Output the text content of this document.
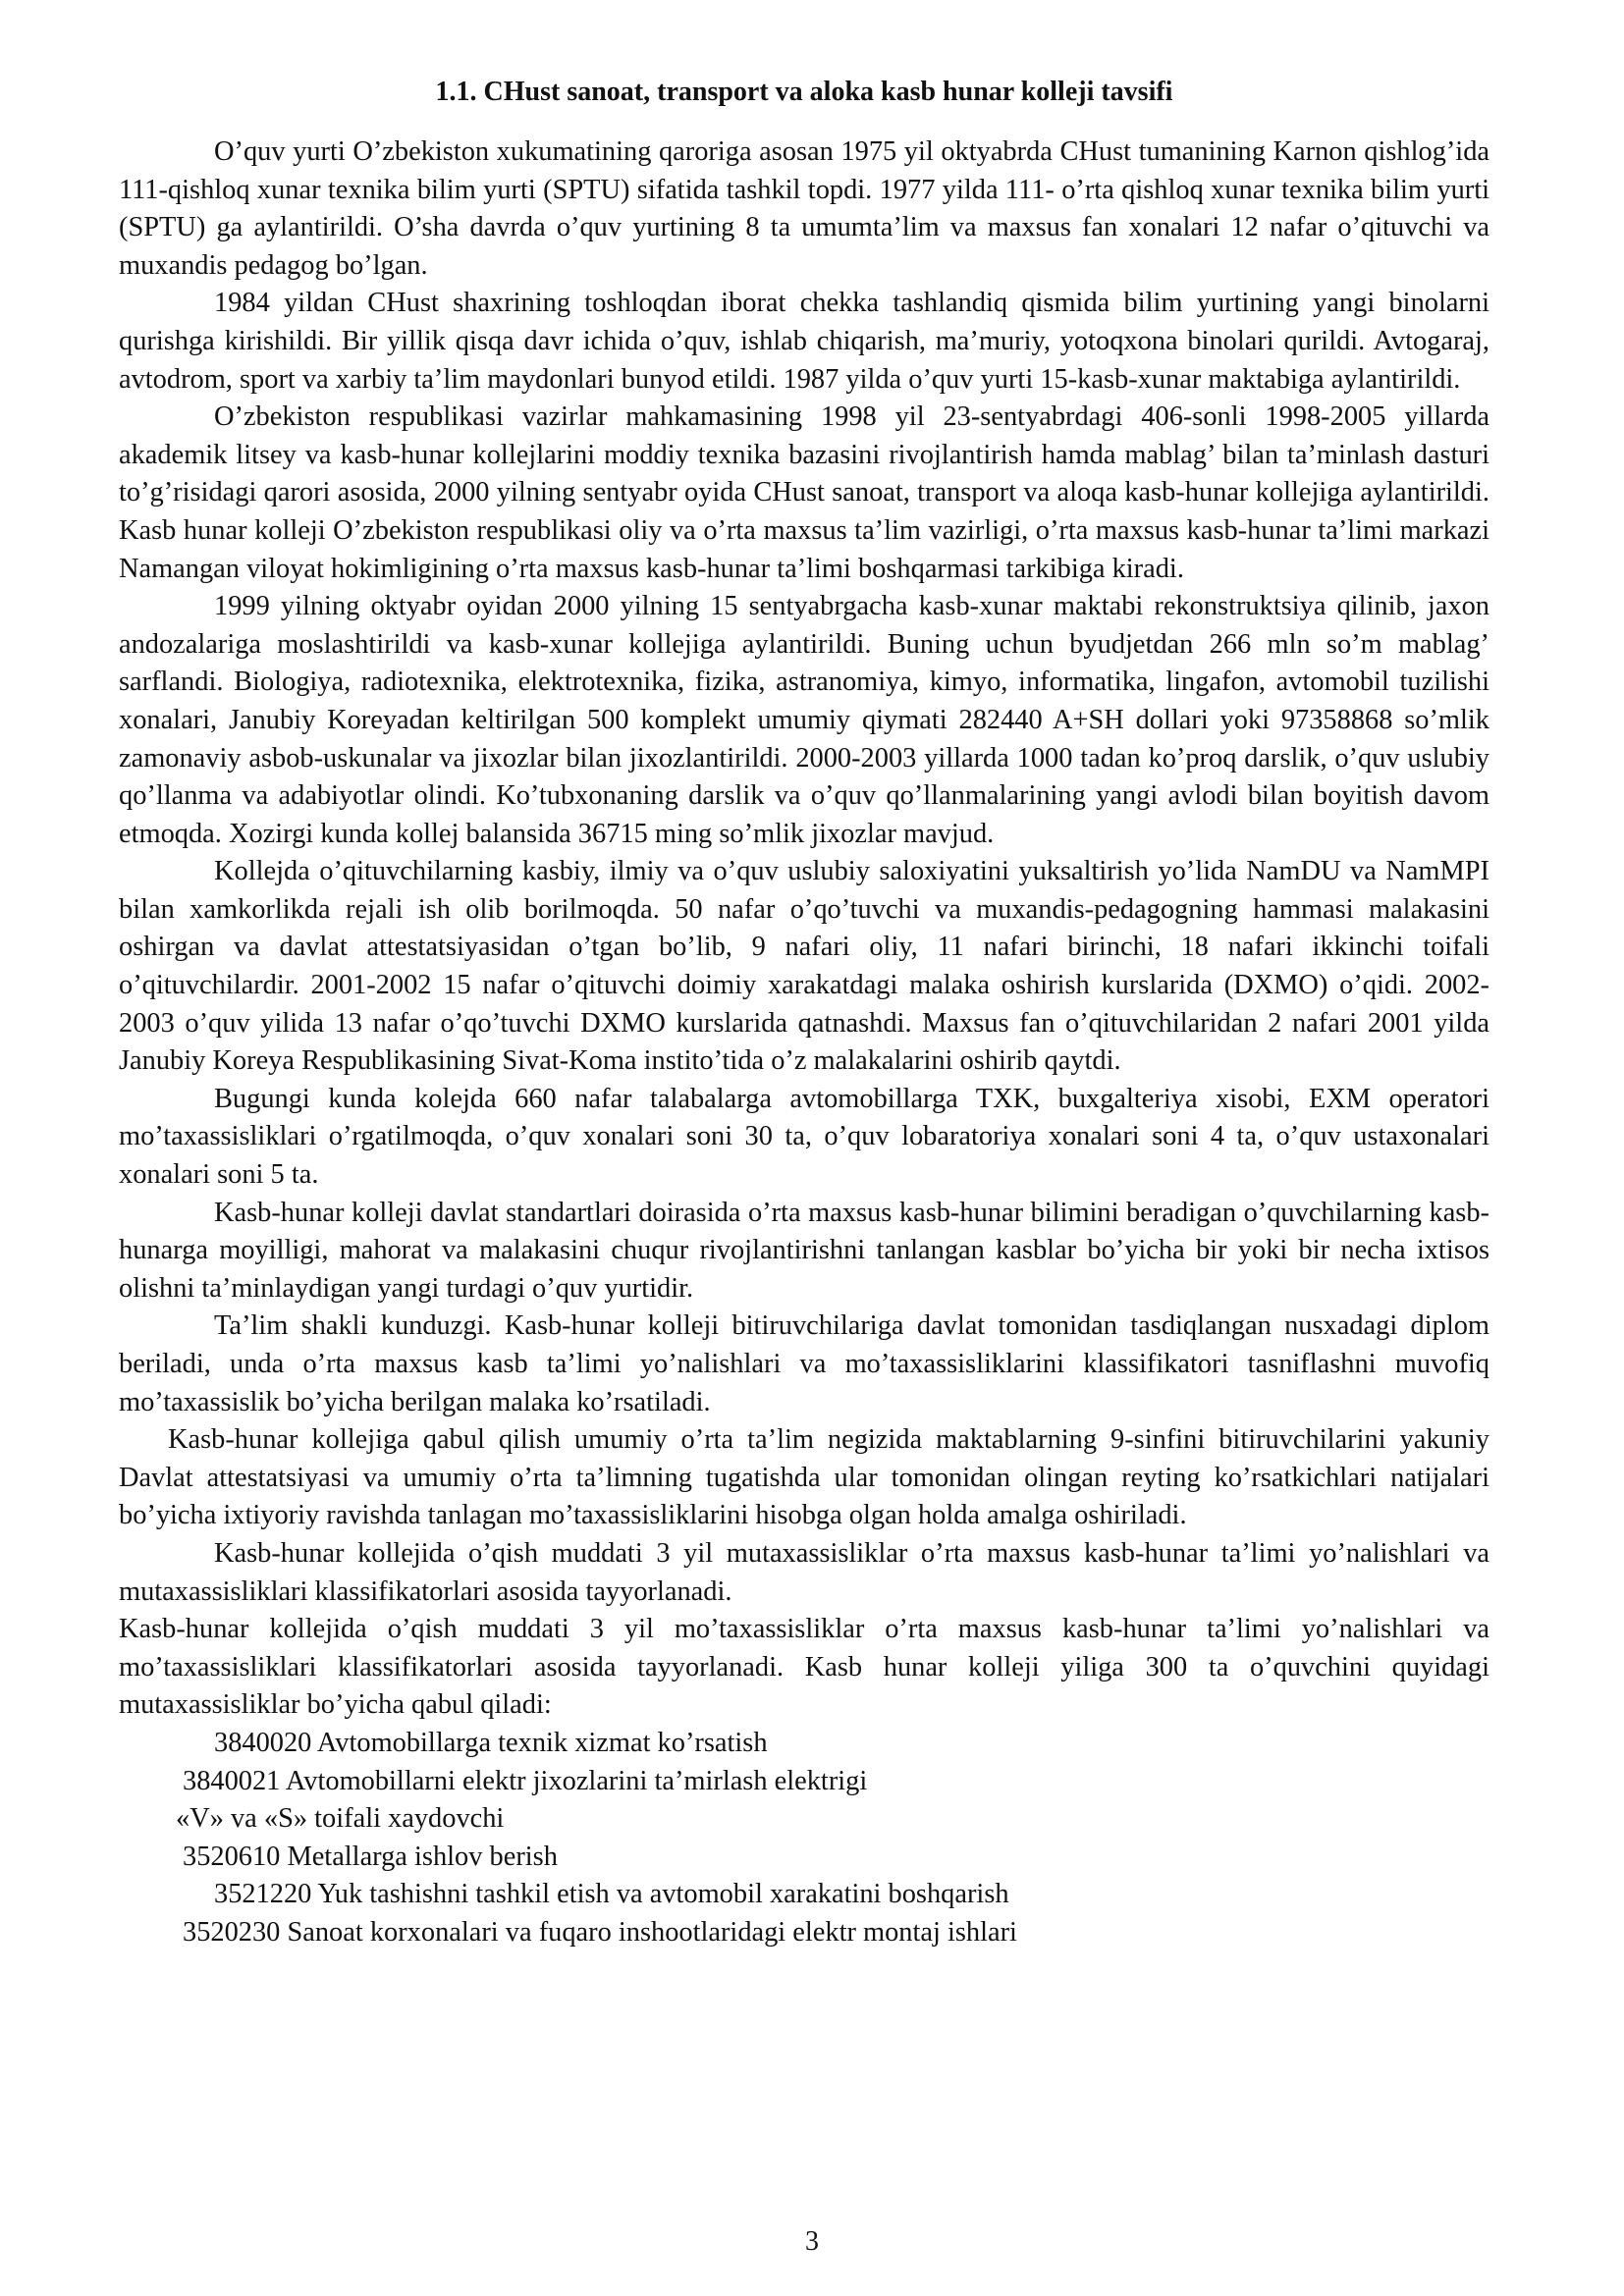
1.1. CHust sanoat, transport va aloka kasb hunar kolleji tavsifi

O’quv yurti O’zbekiston xukumatining qaroriga asosan 1975 yil oktyabrda CHust tumanining Karnon qishlog’ida 111-qishloq xunar texnika bilim yurti (SPTU) sifatida tashkil topdi. 1977 yilda 111- o’rta qishloq xunar texnika bilim yurti (SPTU) ga aylantirildi. O’sha davrda o’quv yurtining 8 ta umumta’lim va maxsus fan xonalari 12 nafar o’qituvchi va muxandis pedagog bo’lgan.

1984 yildan CHust shaxrining toshloqdan iborat chekka tashlandiq qismida bilim yurtining yangi binolarni qurishga kirishildi. Bir yillik qisqa davr ichida o’quv, ishlab chiqarish, ma’muriy, yotoqxona binolari qurildi. Avtogaraj, avtodrom, sport va xarbiy ta’lim maydonlari bunyod etildi. 1987 yilda o’quv yurti 15-kasb-xunar maktabiga aylantirildi.

O’zbekiston respublikasi vazirlar mahkamasining 1998 yil 23-sentyabrdagi 406-sonli 1998-2005 yillarda akademik litsey va kasb-hunar kollejlarini moddiy texnika bazasini rivojlantirish hamda mablag’ bilan ta’minlash dasturi to’g’risidagi qarori asosida, 2000 yilning sentyabr oyida CHust sanoat, transport va aloqa kasb-hunar kollejiga aylantirildi. Kasb hunar kolleji O’zbekiston respublikasi oliy va o’rta maxsus ta’lim vazirligi, o’rta maxsus kasb-hunar ta’limi markazi Namangan viloyat hokimligining o’rta maxsus kasb-hunar ta’limi boshqarmasi tarkibiga kiradi.

1999 yilning oktyabr oyidan 2000 yilning 15 sentyabrgacha kasb-xunar maktabi rekonstruktsiya qilinib, jaxon andozalariga moslashtirildi va kasb-xunar kollejiga aylantirildi. Buning uchun byudjetdan 266 mln so’m mablag’ sarflandi. Biologiya, radiotexnika, elektrotexnika, fizika, astranomiya, kimyo, informatika, lingafon, avtomobil tuzilishi xonalari, Janubiy Koreyadan keltirilgan 500 komplekt umumiy qiymati 282440 A+SH dollari yoki 97358868 so’mlik zamonaviy asbob-uskunalar va jixozlar bilan jixozlantirildi. 2000-2003 yillarda 1000 tadan ko’proq darslik, o’quv uslubiy qo’llanma va adabiyotlar olindi. Ko’tubxonaning darslik va o’quv qo’llanmalarining yangi avlodi bilan boyitish davom etmoqda. Xozirgi kunda kollej balansida 36715 ming so’mlik jixozlar mavjud.

Kollejda o’qituvchilarning kasbiy, ilmiy va o’quv uslubiy saloxiyatini yuksaltirish yo’lida NamDU va NamMPI bilan xamkorlikda rejali ish olib borilmoqda. 50 nafar o’qo’tuvchi va muxandis-pedagogning hammasi malakasini oshirgan va davlat attestatsiyasidan o’tgan bo’lib, 9 nafari oliy, 11 nafari birinchi, 18 nafari ikkinchi toifali o’qituvchilardir. 2001-2002 15 nafar o’qituvchi doimiy xarakatdagi malaka oshirish kurslarida (DXMO) o’qidi. 2002-2003 o’quv yilida 13 nafar o’qo’tuvchi DXMO kurslarida qatnashdi. Maxsus fan o’qituvchilaridan 2 nafari 2001 yilda Janubiy Koreya Respublikasining Sivat-Koma instito’tida o’z malakalarini oshirib qaytdi.

Bugungi kunda kolejda 660 nafar talabalarga avtomobillarga TXK, buxgalteriya xisobi, EXM operatori mo’taxassisliklari o’rgatilmoqda, o’quv xonalari soni 30 ta, o’quv lobaratoriya xonalari soni 4 ta, o’quv ustaxonalari xonalari soni 5 ta.

Kasb-hunar kolleji davlat standartlari doirasida o’rta maxsus kasb-hunar bilimini beradigan o’quvchilarning kasb-hunarga moyilligi, mahorat va malakasini chuqur rivojlantirishni tanlangan kasblar bo’yicha bir yoki bir necha ixtisos olishni ta’minlaydigan yangi turdagi o’quv yurtidir.

Ta’lim shakli kunduzgi. Kasb-hunar kolleji bitiruvchilariga davlat tomonidan tasdiqlangan nusxadagi diplom beriladi, unda o’rta maxsus kasb ta’limi yo’nalishlari va mo’taxassisliklarini klassifikatori tasniflashni muvofiq mo’taxassislik bo’yicha berilgan malaka ko’rsatiladi.

Kasb-hunar kollejiga qabul qilish umumiy o’rta ta’lim negizida maktablarning 9-sinfini bitiruvchilarini yakuniy Davlat attestatsiyasi va umumiy o’rta ta’limning tugatishda ular tomonidan olingan reyting ko’rsatkichlari natijalari bo’yicha ixtiyoriy ravishda tanlagan mo’taxassisliklarini hisobga olgan holda amalga oshiriladi.

Kasb-hunar kollejida o’qish muddati 3 yil mutaxassisliklar o’rta maxsus kasb-hunar ta’limi yo’nalishlari va mutaxassisliklari klassifikatorlari asosida tayyorlanadi.

Kasb-hunar kollejida o’qish muddati 3 yil mo’taxassisliklar o’rta maxsus kasb-hunar ta’limi yo’nalishlari va mo’taxassisliklari klassifikatorlari asosida tayyorlanadi. Kasb hunar kolleji yiliga 300 ta o’quvchini quyidagi mutaxassisliklar bo’yicha qabul qiladi:

3840020 Avtomobillarga texnik xizmat ko’rsatish
3840021 Avtomobillarni elektr jixozlarini ta’mirlash elektrigi
«V» va «S» toifali xaydovchi
3520610 Metallarga ishlov berish
3521220 Yuk tashishni tashkil etish va avtomobil xarakatini boshqarish
3520230 Sanoat korxonalari va fuqaro inshootlaridagi elektr montaj ishlari
3
